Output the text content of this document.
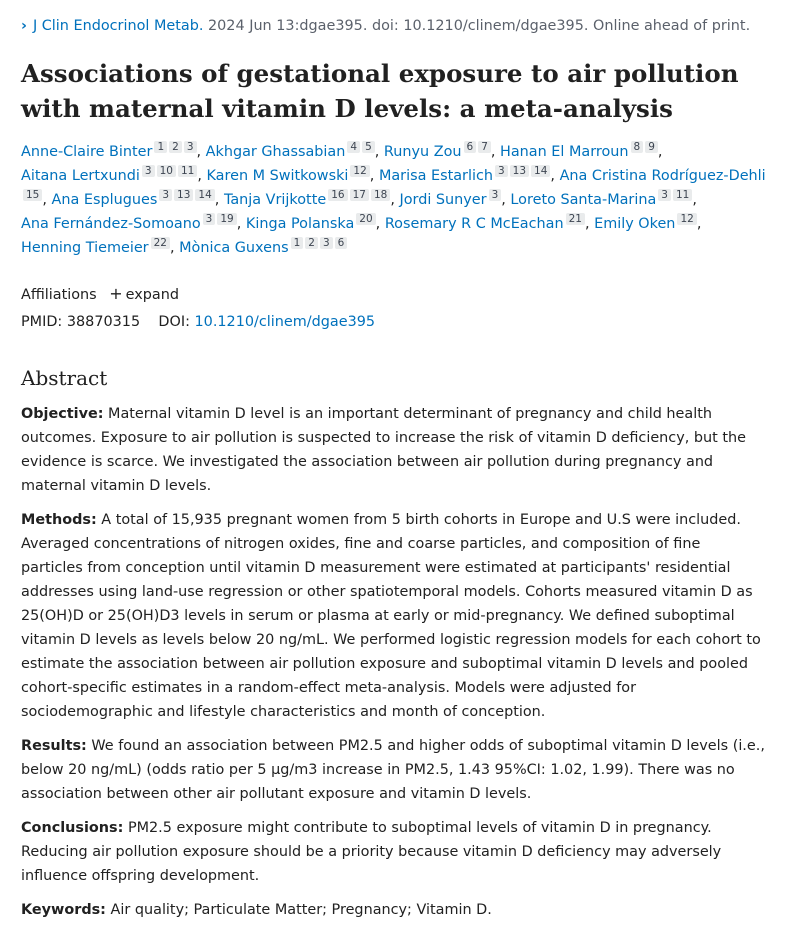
› J Clin Endocrinol Metab. 2024 Jun 13:dgae395. doi: 10.1210/clinem/dgae395. Online ahead of print.
Associations of gestational exposure to air pollution with maternal vitamin D levels: a meta-analysis
Anne-Claire Binter 1 2 3 , Akhgar Ghassabian 4 5 , Runyu Zou 6 7 , Hanan El Marroun 8 9 , Aitana Lertxundi 3 10 11 , Karen M Switkowski 12 , Marisa Estarlich 3 13 14 , Ana Cristina Rodríguez-Dehli15 , Ana Esplugues 3 13 14 , Tanja Vrijkotte 16 17 18 , Jordi Sunyer 3 , Loreto Santa-Marina 3 11 , Ana Fernández-Somoano 3 19 , Kinga Polanska 20 , Rosemary R C McEachan 21 , Emily Oken 12 , Henning Tiemeier 22 , Mònica Guxens 1 2 3 6
Affiliations + expand
PMID: 38870315 DOI: 10.1210/clinem/dgae395
Abstract

Objective: Maternal vitamin D level is an important determinant of pregnancy and child health outcomes. Exposure to air pollution is suspected to increase the risk of vitamin D deficiency, but the evidence is scarce. We investigated the association between air pollution during pregnancy and maternal vitamin D levels.

Methods: A total of 15,935 pregnant women from 5 birth cohorts in Europe and U.S were included. Averaged concentrations of nitrogen oxides, fine and coarse particles, and composition of fine particles from conception until vitamin D measurement were estimated at participants' residential addresses using land-use regression or other spatiotemporal models. Cohorts measured vitamin D as 25(OH)D or 25(OH)D3 levels in serum or plasma at early or mid-pregnancy. We defined suboptimal vitamin D levels as levels below 20 ng/mL. We performed logistic regression models for each cohort to estimate the association between air pollution exposure and suboptimal vitamin D levels and pooled cohort-specific estimates in a random-effect meta-analysis. Models were adjusted for sociodemographic and lifestyle characteristics and month of conception.

Results: We found an association between PM2.5 and higher odds of suboptimal vitamin D levels (i.e., below 20 ng/mL) (odds ratio per 5 µg/m3 increase in PM2.5, 1.43 95%CI: 1.02, 1.99). There was no association between other air pollutant exposure and vitamin D levels.

Conclusions: PM2.5 exposure might contribute to suboptimal levels of vitamin D in pregnancy. Reducing air pollution exposure should be a priority because vitamin D deficiency may adversely influence offspring development.

Keywords: Air quality; Particulate Matter; Pregnancy; Vitamin D.
